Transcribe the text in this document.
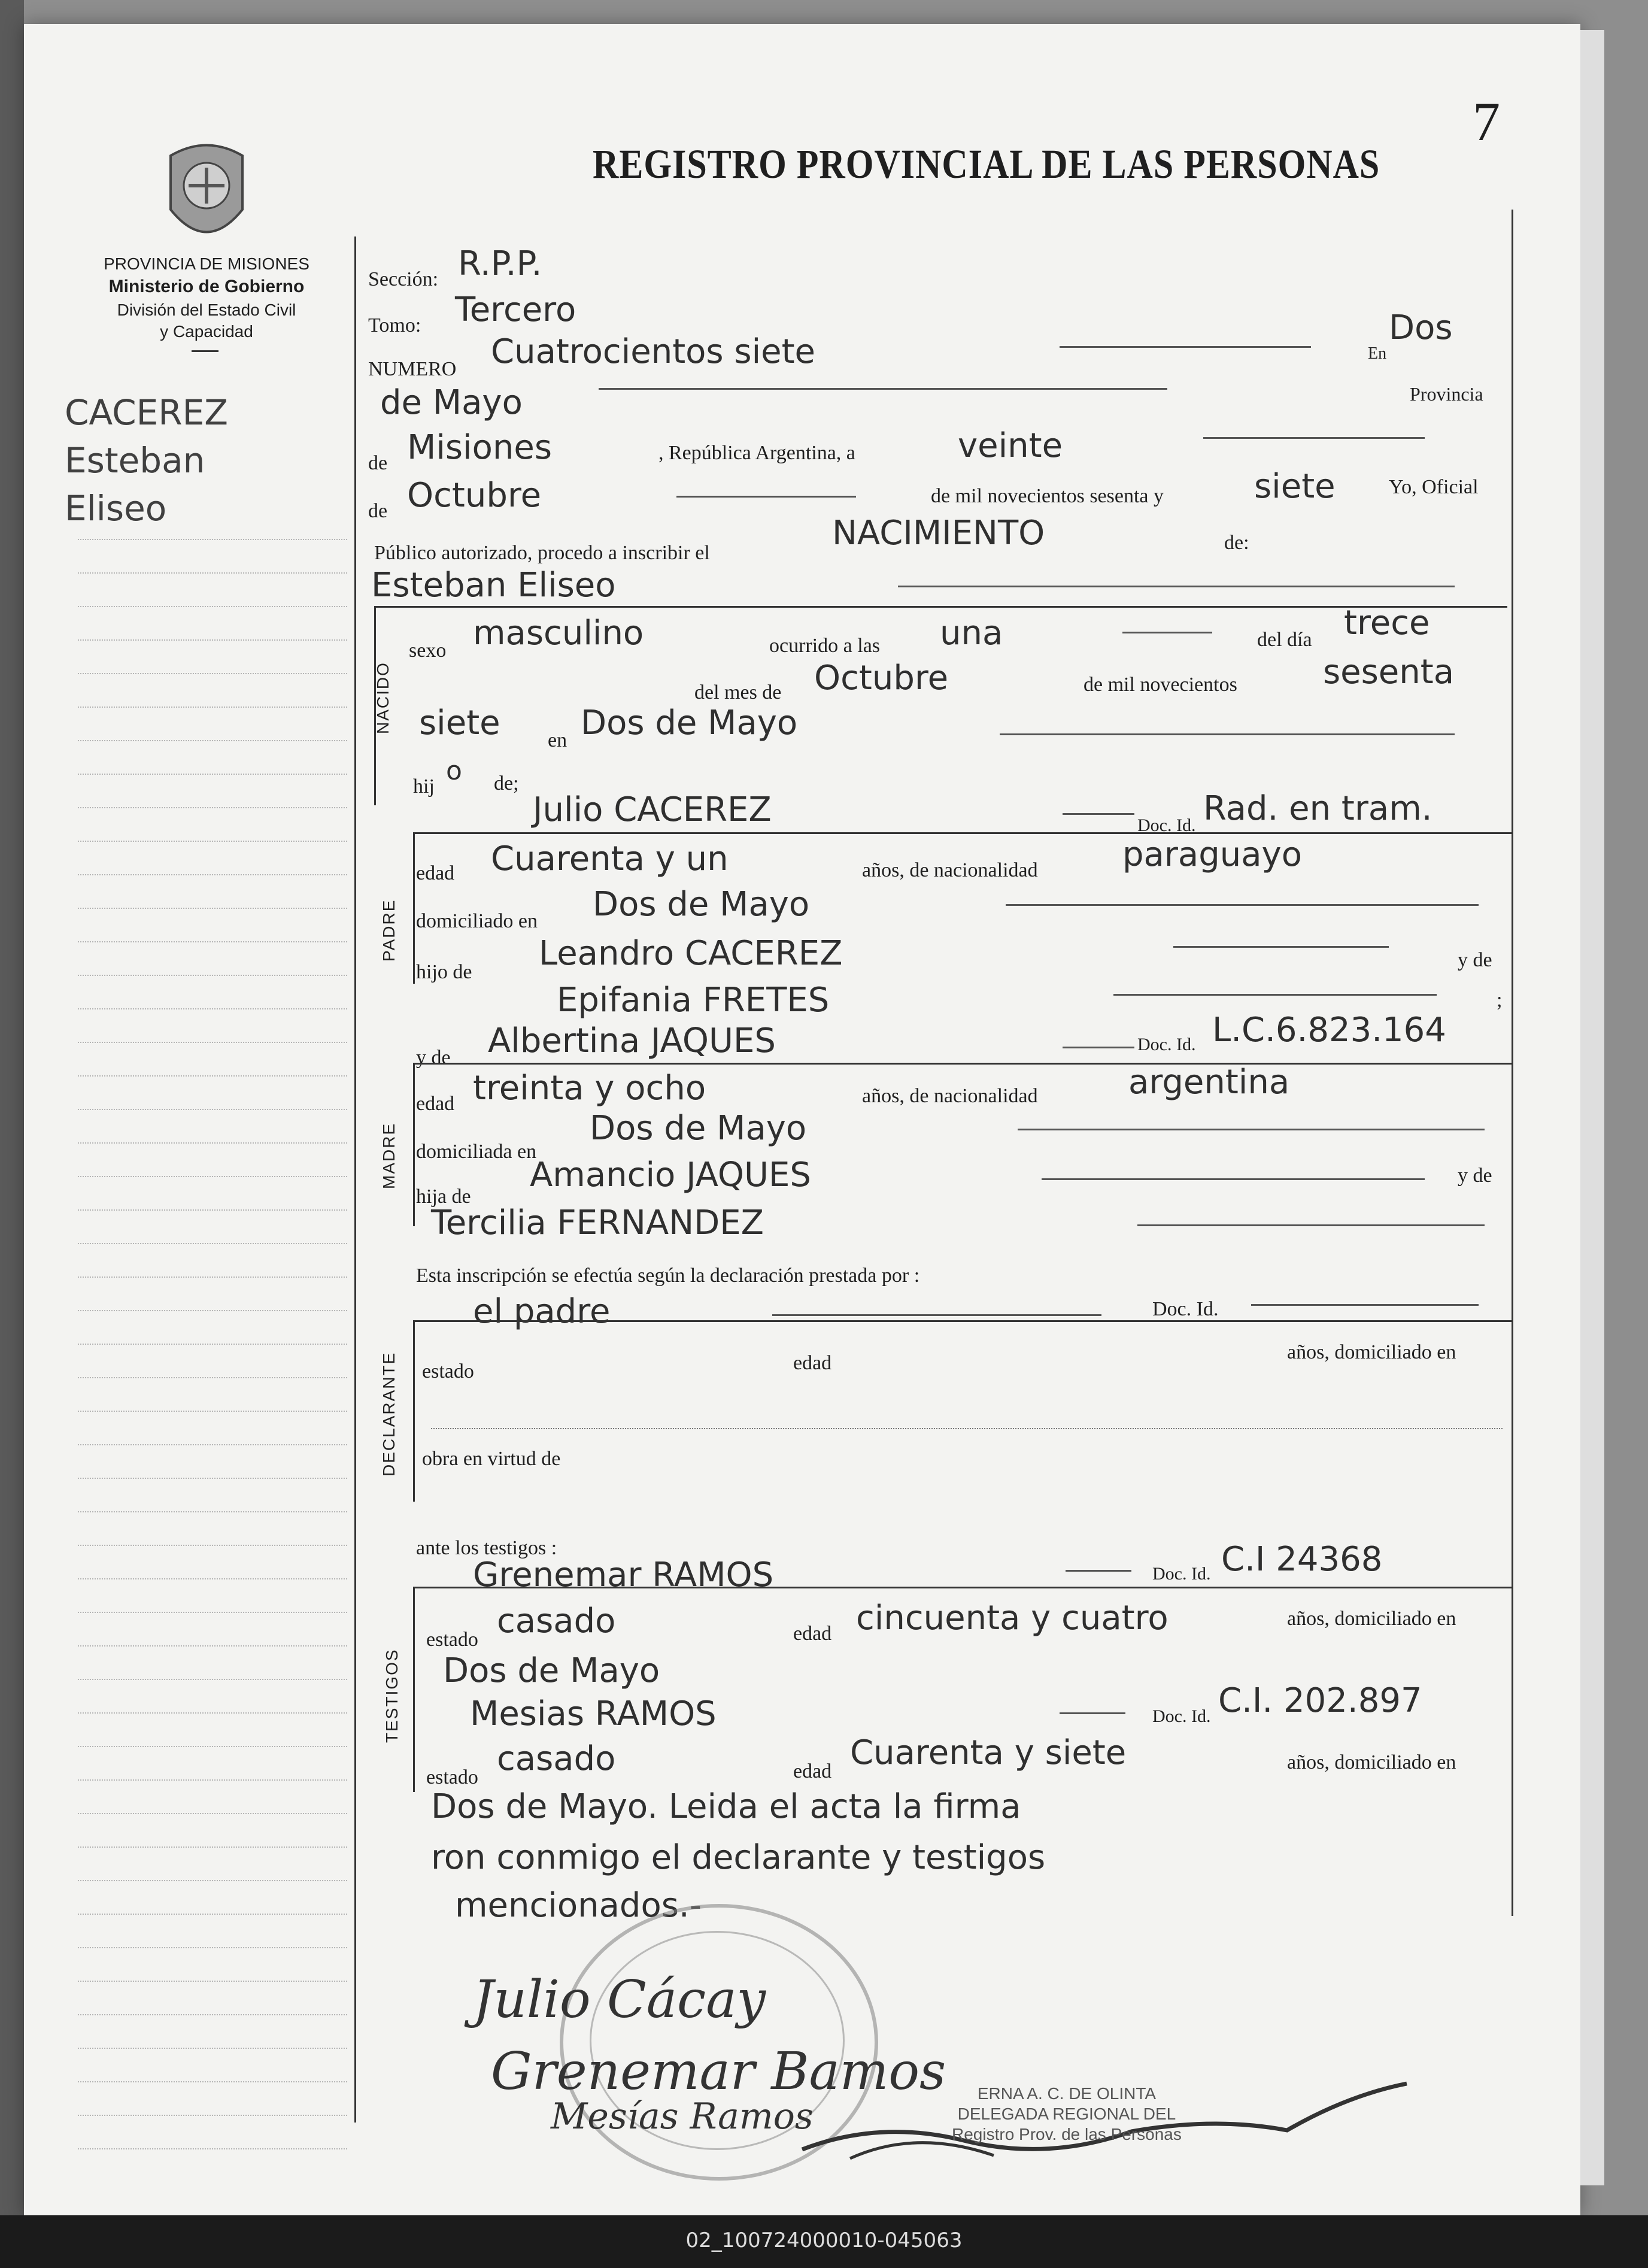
7
REGISTRO PROVINCIAL DE LAS PERSONAS
PROVINCIA DE MISIONES
Ministerio de Gobierno
División del Estado Civil
y Capacidad
CACEREZ
Esteban
Eliseo
Sección: R.P.P.
Tomo: Tercero
NUMERO Cuatrocientos siete	En
Dos
de Mayo	Provincia
de Misiones	, República Argentina, a	veinte
de Octubre	de mil novecientos sesenta y	siete	Yo, Oficial
Público autorizado, procedo a inscribir el
NACIMIENTO	de:
Esteban Eliseo
NACIDO
sexo masculino	ocurrido a las una	del día trece
del mes de Octubre	de mil novecientos	sesenta
siete en Dos de Mayo
hij
o de;
Julio CACEREZ	Doc. Id. Rad. en tram.
PADRE
edad Cuarenta y un	años, de nacionalidad	paraguayo
domiciliado en Dos de Mayo
hijo de Leandro CACEREZ	y de
Epifania FRETES	;
y de Albertina JAQUES	Doc. Id. L.C.6.823.164
MADRE
edad treinta y ocho	años, de nacionalidad	argentina
domiciliada en
Dos de Mayo
hija de
Amancio JAQUES	y de
Tercilia FERNANDEZ
Esta inscripción se efectúa según la declaración prestada por :
el padre	Doc. Id.
DECLARANTE estado	edad	años, domiciliado en
obra en virtud de
ante los testigos :
Grenemar RAMOS	Doc. Id. C.I 24368
TESTIGOS
estado casado	edad cincuenta y cuatro	años, domiciliado en
Dos de Mayo
Mesias RAMOS	Doc. Id. C.I. 202.897
estado casado	edad Cuarenta y siete	años, domiciliado en
Dos de Mayo. Leida el acta la firma
ron conmigo el declarante y testigos
mencionados.-
Julio Cácay
Grenemar Bamos
Mesías Ramos
ERNA A. C. DE OLINTA
DELEGADA REGIONAL DEL
Registro Prov. de las Personas
02_100724000010-045063
